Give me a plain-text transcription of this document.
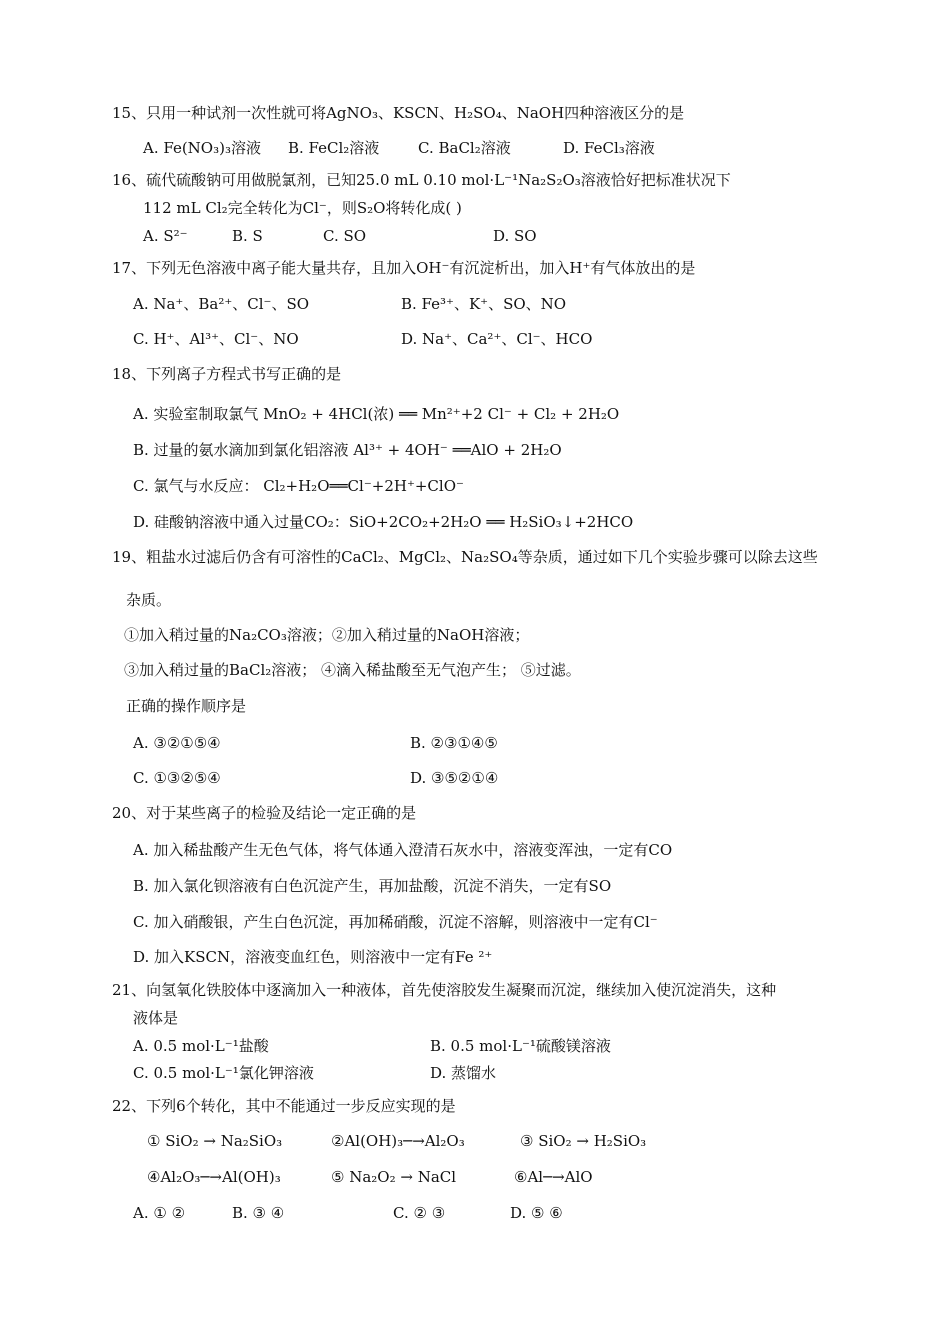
15、只用一种试剂一次性就可将AgNO₃、KSCN、H₂SO₄、NaOH四种溶液区分的是
A. Fe(NO₃)₃溶液 B. FeCl₂溶液	C. BaCl₂溶液	D. FeCl₃溶液
16、硫代硫酸钠可用做脱氯剂，已知25.0 mL 0.10 mol·L⁻¹Na₂S₂O₃溶液恰好把标准状况下
112 mL Cl₂完全转化为Cl⁻，则S₂O将转化成( )
A. S²⁻	B. S	C. SO	D. SO
17、下列无色溶液中离子能大量共存，且加入OH⁻有沉淀析出，加入H⁺有气体放出的是
A. Na⁺、Ba²⁺、Cl⁻、SO	B. Fe³⁺、K⁺、SO、NO
C. H⁺、Al³⁺、Cl⁻、NO	D. Na⁺、Ca²⁺、Cl⁻、HCO
18、下列离子方程式书写正确的是
A. 实验室制取氯气 MnO₂ + 4HCl(浓) ══ Mn²⁺+2 Cl⁻ + Cl₂ + 2H₂O
B. 过量的氨水滴加到氯化铝溶液 Al³⁺ + 4OH⁻ ══AlO + 2H₂O
C. 氯气与水反应： Cl₂+H₂O══Cl⁻+2H⁺+ClO⁻
D. 硅酸钠溶液中通入过量CO₂：SiO+2CO₂+2H₂O ══ H₂SiO₃↓+2HCO
19、粗盐水过滤后仍含有可溶性的CaCl₂、MgCl₂、Na₂SO₄等杂质，通过如下几个实验步骤可以除去这些
杂质。
①加入稍过量的Na₂CO₃溶液；②加入稍过量的NaOH溶液；
③加入稍过量的BaCl₂溶液； ④滴入稀盐酸至无气泡产生； ⑤过滤。
正确的操作顺序是
A. ③②①⑤④	B. ②③①④⑤
C. ①③②⑤④	D. ③⑤②①④
20、对于某些离子的检验及结论一定正确的是
A. 加入稀盐酸产生无色气体，将气体通入澄清石灰水中，溶液变浑浊，一定有CO
B. 加入氯化钡溶液有白色沉淀产生，再加盐酸，沉淀不消失，一定有SO
C. 加入硝酸银，产生白色沉淀，再加稀硝酸，沉淀不溶解，则溶液中一定有Cl⁻
D. 加入KSCN，溶液变血红色，则溶液中一定有Fe ²⁺
21、向氢氧化铁胶体中逐滴加入一种液体，首先使溶胶发生凝聚而沉淀，继续加入使沉淀消失，这种
液体是
A. 0.5 mol·L⁻¹盐酸	B. 0.5 mol·L⁻¹硫酸镁溶液
C. 0.5 mol·L⁻¹氯化钾溶液	D. 蒸馏水
22、下列6个转化，其中不能通过一步反应实现的是
① SiO₂ → Na₂SiO₃	②Al(OH)₃─→Al₂O₃	③ SiO₂ → H₂SiO₃
④Al₂O₃─→Al(OH)₃	⑤ Na₂O₂ → NaCl	⑥Al─→AlO
A. ① ②	B. ③ ④	C. ② ③	D. ⑤ ⑥
